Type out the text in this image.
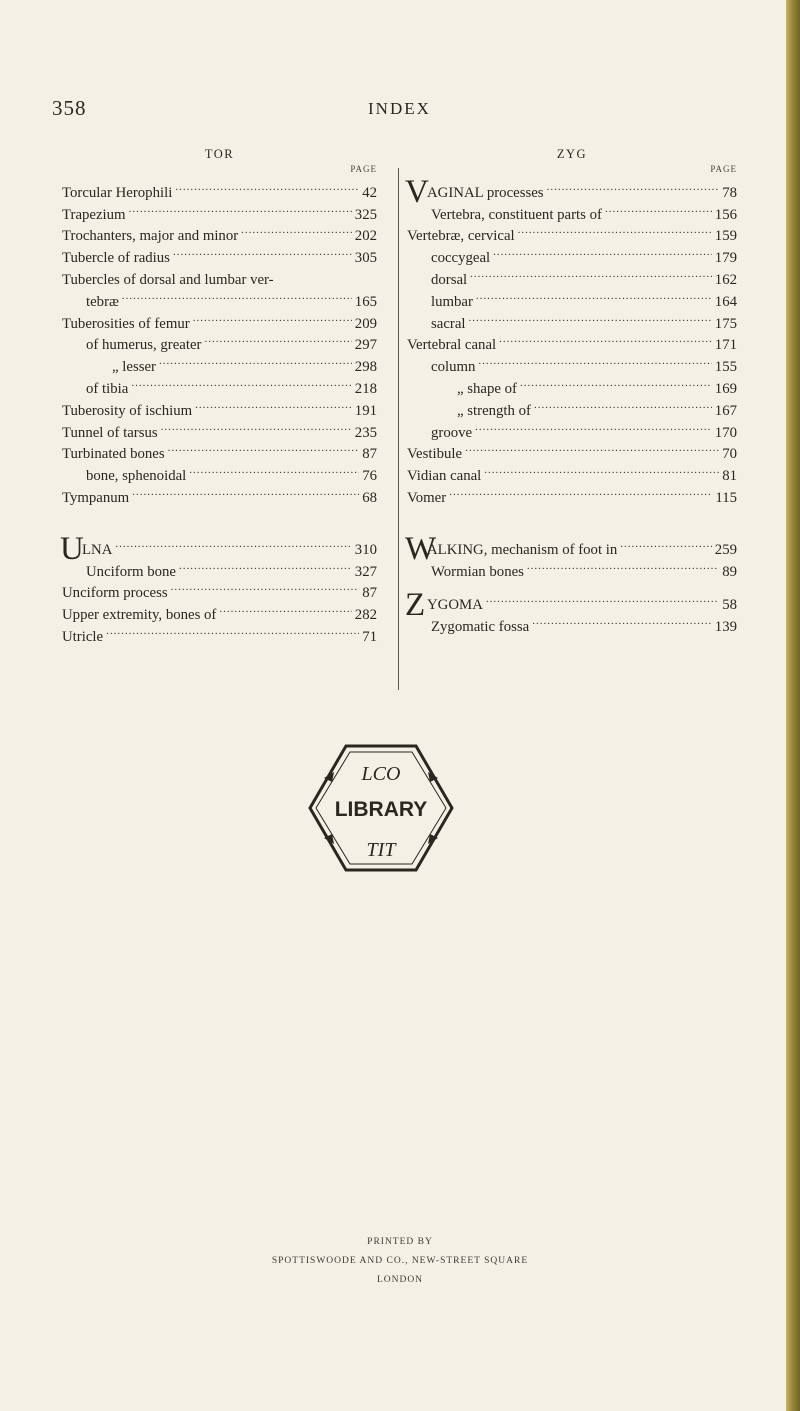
358	INDEX
TOR
PAGE
Torcular Herophili .....	42
Trapezium .....	325
Trochanters, major and minor .....	202
Tubercle of radius .....	305
Tubercles of dorsal and lumbar ver-
tebræ .....	165
Tuberosities of femur .....	209
of humerus, greater .....	297
„ lesser .....	298
of tibia .....	218
Tuberosity of ischium .....	191
Tunnel of tarsus .....	235
Turbinated bones .....	87
bone, sphenoidal .....	76
Tympanum .....	68
U
LNA .....	310
Unciform bone .....	327
Unciform process .....	87
Upper extremity, bones of .....	282
Utricle .....	71
ZYG
PAGE
V
AGINAL processes .....	78
Vertebra, constituent parts of .....	156
Vertebræ, cervical .....	159
coccygeal .....	179
dorsal .....	162
lumbar .....	164
sacral .....	175
Vertebral canal .....	171
column .....	155
„ shape of .....	169
„ strength of .....	167
groove .....	170
Vestibule .....	70
Vidian canal .....	81
Vomer .....	115
W
ALKING, mechanism of foot in .....	259
Wormian bones .....	89
Z YGOMA .....	58
Zygomatic fossa .....	139
LCO
LIBRARY
TIT
PRINTED BY
SPOTTISWOODE AND CO., NEW-STREET SQUARE
LONDON
